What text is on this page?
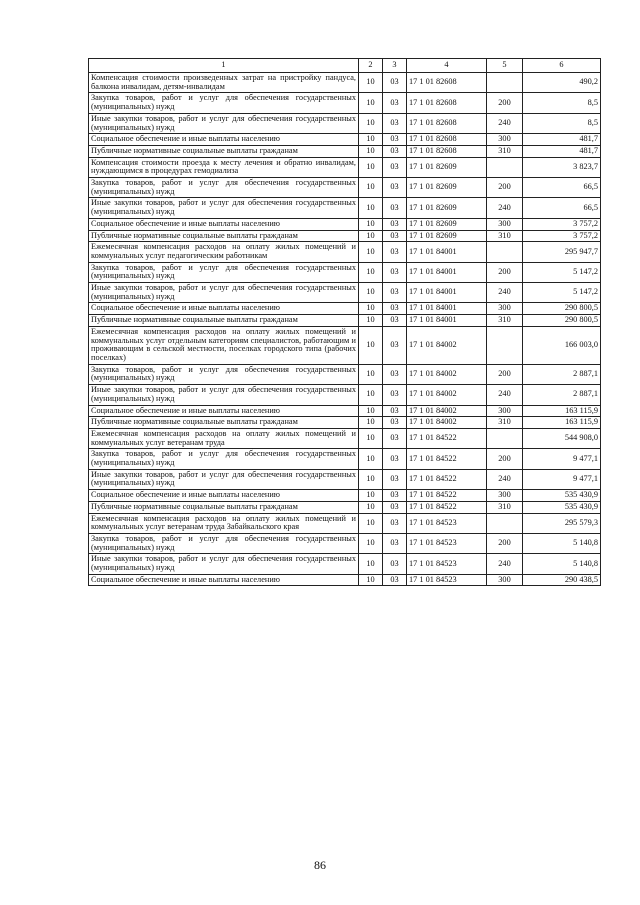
1	2	3	4	5	6
Компенсация стоимости произведенных затрат на пристройку пандуса, балкона инвалидам, детям-инвалидам	10	03	17 1 01 82608		490,2
Закупка товаров, работ и услуг для обеспечения государственных (муниципальных) нужд	10	03	17 1 01 82608	200	8,5
Иные закупки товаров, работ и услуг для обеспечения государственных (муниципальных) нужд	10	03	17 1 01 82608	240	8,5
Социальное обеспечение и иные выплаты населению	10	03	17 1 01 82608	300	481,7
Публичные нормативные социальные выплаты гражданам	10	03	17 1 01 82608	310	481,7
Компенсация стоимости проезда к месту лечения и обратно инвалидам, нуждающимся в процедурах гемодиализа	10	03	17 1 01 82609		3 823,7
Закупка товаров, работ и услуг для обеспечения государственных (муниципальных) нужд	10	03	17 1 01 82609	200	66,5
Иные закупки товаров, работ и услуг для обеспечения государственных (муниципальных) нужд	10	03	17 1 01 82609	240	66,5
Социальное обеспечение и иные выплаты населению	10	03	17 1 01 82609	300	3 757,2
Публичные нормативные социальные выплаты гражданам	10	03	17 1 01 82609	310	3 757,2
Ежемесячная компенсация расходов на оплату жилых помещений и коммунальных услуг педагогическим работникам	10	03	17 1 01 84001		295 947,7
Закупка товаров, работ и услуг для обеспечения государственных (муниципальных) нужд	10	03	17 1 01 84001	200	5 147,2
Иные закупки товаров, работ и услуг для обеспечения государственных (муниципальных) нужд	10	03	17 1 01 84001	240	5 147,2
Социальное обеспечение и иные выплаты населению	10	03	17 1 01 84001	300	290 800,5
Публичные нормативные социальные выплаты гражданам	10	03	17 1 01 84001	310	290 800,5
Ежемесячная компенсация расходов на оплату жилых помещений и коммунальных услуг отдельным категориям специалистов, работающим и проживающим в сельской местности, поселках городского типа (рабочих поселках)	10	03	17 1 01 84002		166 003,0
Закупка товаров, работ и услуг для обеспечения государственных (муниципальных) нужд	10	03	17 1 01 84002	200	2 887,1
Иные закупки товаров, работ и услуг для обеспечения государственных (муниципальных) нужд	10	03	17 1 01 84002	240	2 887,1
Социальное обеспечение и иные выплаты населению	10	03	17 1 01 84002	300	163 115,9
Публичные нормативные социальные выплаты гражданам	10	03	17 1 01 84002	310	163 115,9
Ежемесячная компенсация расходов на оплату жилых помещений и коммунальных услуг ветеранам труда	10	03	17 1 01 84522		544 908,0
Закупка товаров, работ и услуг для обеспечения государственных (муниципальных) нужд	10	03	17 1 01 84522	200	9 477,1
Иные закупки товаров, работ и услуг для обеспечения государственных (муниципальных) нужд	10	03	17 1 01 84522	240	9 477,1
Социальное обеспечение и иные выплаты населению	10	03	17 1 01 84522	300	535 430,9
Публичные нормативные социальные выплаты гражданам	10	03	17 1 01 84522	310	535 430,9
Ежемесячная компенсация расходов на оплату жилых помещений и коммунальных услуг ветеранам труда Забайкальского края	10	03	17 1 01 84523		295 579,3
Закупка товаров, работ и услуг для обеспечения государственных (муниципальных) нужд	10	03	17 1 01 84523	200	5 140,8
Иные закупки товаров, работ и услуг для обеспечения государственных (муниципальных) нужд	10	03	17 1 01 84523	240	5 140,8
Социальное обеспечение и иные выплаты населению	10	03	17 1 01 84523	300	290 438,5
86
